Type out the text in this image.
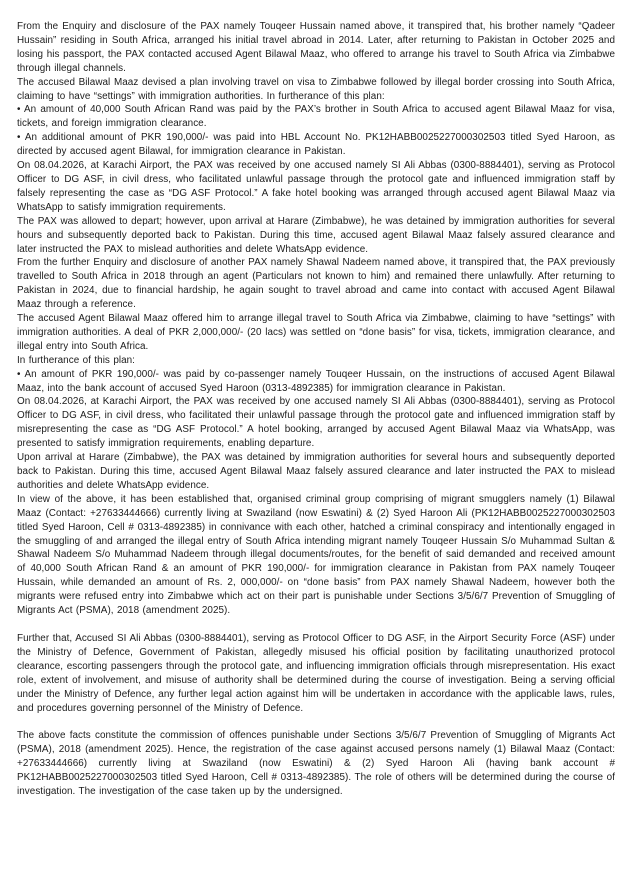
From the Enquiry and disclosure of the PAX namely Touqeer Hussain named above, it transpired that, his brother namely “Qadeer Hussain” residing in South Africa, arranged his initial travel abroad in 2014. Later, after returning to Pakistan in October 2025 and losing his passport, the PAX contacted accused Agent Bilawal Maaz, who offered to arrange his travel to South Africa via Zimbabwe through illegal channels.

The accused Bilawal Maaz devised a plan involving travel on visa to Zimbabwe followed by illegal border crossing into South Africa, claiming to have “settings” with immigration authorities. In furtherance of this plan:

• An amount of 40,000 South African Rand was paid by the PAX’s brother in South Africa to accused agent Bilawal Maaz for visa, tickets, and foreign immigration clearance.

• An additional amount of PKR 190,000/- was paid into HBL Account No. PK12HABB0025227000302503 titled Syed Haroon, as directed by accused agent Bilawal, for immigration clearance in Pakistan.

On 08.04.2026, at Karachi Airport, the PAX was received by one accused namely SI Ali Abbas (0300-8884401), serving as Protocol Officer to DG ASF, in civil dress, who facilitated unlawful passage through the protocol gate and influenced immigration staff by falsely representing the case as “DG ASF Protocol.” A fake hotel booking was arranged through accused agent Bilawal Maaz via WhatsApp to satisfy immigration requirements.

The PAX was allowed to depart; however, upon arrival at Harare (Zimbabwe), he was detained by immigration authorities for several hours and subsequently deported back to Pakistan. During this time, accused agent Bilawal Maaz falsely assured clearance and later instructed the PAX to mislead authorities and delete WhatsApp evidence.

From the further Enquiry and disclosure of another PAX namely Shawal Nadeem named above, it transpired that, the PAX previously travelled to South Africa in 2018 through an agent (Particulars not known to him) and remained there unlawfully. After returning to Pakistan in 2024, due to financial hardship, he again sought to travel abroad and came into contact with accused Agent Bilawal Maaz through a reference.

The accused Agent Bilawal Maaz offered him to arrange illegal travel to South Africa via Zimbabwe, claiming to have “settings” with immigration authorities. A deal of PKR 2,000,000/- (20 lacs) was settled on “done basis” for visa, tickets, immigration clearance, and illegal entry into South Africa.

In furtherance of this plan:

• An amount of PKR 190,000/- was paid by co-passenger namely Touqeer Hussain, on the instructions of accused Agent Bilawal Maaz, into the bank account of accused Syed Haroon (0313-4892385) for immigration clearance in Pakistan.

On 08.04.2026, at Karachi Airport, the PAX was received by one accused namely SI Ali Abbas (0300-8884401), serving as Protocol Officer to DG ASF, in civil dress, who facilitated their unlawful passage through the protocol gate and influenced immigration staff by misrepresenting the case as “DG ASF Protocol.” A hotel booking, arranged by accused Agent Bilawal Maaz via WhatsApp, was presented to satisfy immigration requirements, enabling departure.

Upon arrival at Harare (Zimbabwe), the PAX was detained by immigration authorities for several hours and subsequently deported back to Pakistan. During this time, accused Agent Bilawal Maaz falsely assured clearance and later instructed the PAX to mislead authorities and delete WhatsApp evidence.

In view of the above, it has been established that, organised criminal group comprising of migrant smugglers namely (1) Bilawal Maaz (Contact: +27633444666) currently living at Swaziland (now Eswatini) & (2) Syed Haroon Ali (PK12HABB0025227000302503 titled Syed Haroon, Cell # 0313-4892385) in connivance with each other, hatched a criminal conspiracy and intentionally engaged in the smuggling of and arranged the illegal entry of South Africa intending migrant namely Touqeer Hussain S/o Muhammad Sultan & Shawal Nadeem S/o Muhammad Nadeem through illegal documents/routes, for the benefit of said demanded and received amount of 40,000 South African Rand & an amount of PKR 190,000/- for immigration clearance in Pakistan from PAX namely Touqeer Hussain, while demanded an amount of Rs. 2, 000,000/- on “done basis” from PAX namely Shawal Nadeem, however both the migrants were refused entry into Zimbabwe which act on their part is punishable under Sections 3/5/6/7 Prevention of Smuggling of Migrants Act (PSMA), 2018 (amendment 2025).

Further that, Accused SI Ali Abbas (0300-8884401), serving as Protocol Officer to DG ASF, in the Airport Security Force (ASF) under the Ministry of Defence, Government of Pakistan, allegedly misused his official position by facilitating unauthorized protocol clearance, escorting passengers through the protocol gate, and influencing immigration officials through misrepresentation. His exact role, extent of involvement, and misuse of authority shall be determined during the course of investigation. Being a serving official under the Ministry of Defence, any further legal action against him will be undertaken in accordance with the applicable laws, rules, and procedures governing personnel of the Ministry of Defence.

The above facts constitute the commission of offences punishable under Sections 3/5/6/7 Prevention of Smuggling of Migrants Act (PSMA), 2018 (amendment 2025). Hence, the registration of the case against accused persons namely (1) Bilawal Maaz (Contact: +27633444666) currently living at Swaziland (now Eswatini) & (2) Syed Haroon Ali (having bank account # PK12HABB0025227000302503 titled Syed Haroon, Cell # 0313-4892385). The role of others will be determined during the course of investigation. The investigation of the case taken up by the undersigned.
